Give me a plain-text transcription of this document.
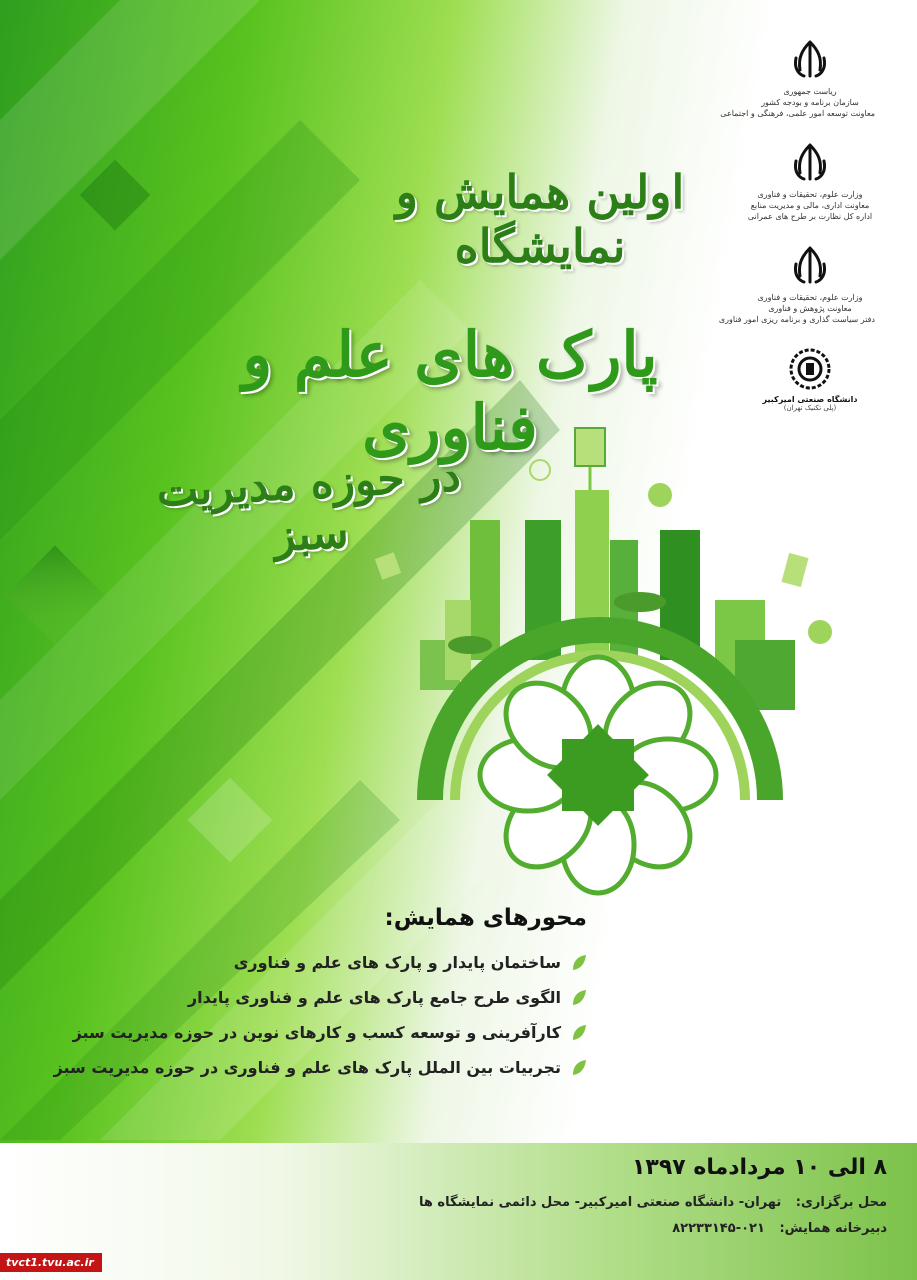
اولین همایش و نمایشگاه
پارک های علم و فناوری
در حوزه مدیریت سبز
ریاست جمهوری
سازمان برنامه و بودجه کشور
معاونت توسعه امور علمی، فرهنگی و اجتماعی
وزارت علوم، تحقیقات و فناوری
معاونت اداری، مالی و مدیریت منابع
اداره کل نظارت بر طرح های عمرانی
وزارت علوم، تحقیقات و فناوری
معاونت پژوهش و فناوری
دفتر سیاست گذاری و برنامه ریزی امور فناوری
دانشگاه صنعتی امیرکبیر
(پلی تکنیک تهران)
محورهای همایش:
ساختمان پایدار و پارک های علم و فناوری
الگوی طرح جامع پارک های علم و فناوری پایدار
کارآفرینی و توسعه کسب و کارهای نوین در حوزه مدیریت سبز
تجربیات بین الملل پارک های علم و فناوری در حوزه مدیریت سبز
۸ الی ۱۰ مردادماه ۱۳۹۷
محل برگزاری: تهران- دانشگاه صنعتی امیرکبیر- محل دائمی نمایشگاه ها
دبیرخانه همایش: ۰۲۱-۸۲۲۳۳۱۴۵
tvct1.tvu.ac.ir
